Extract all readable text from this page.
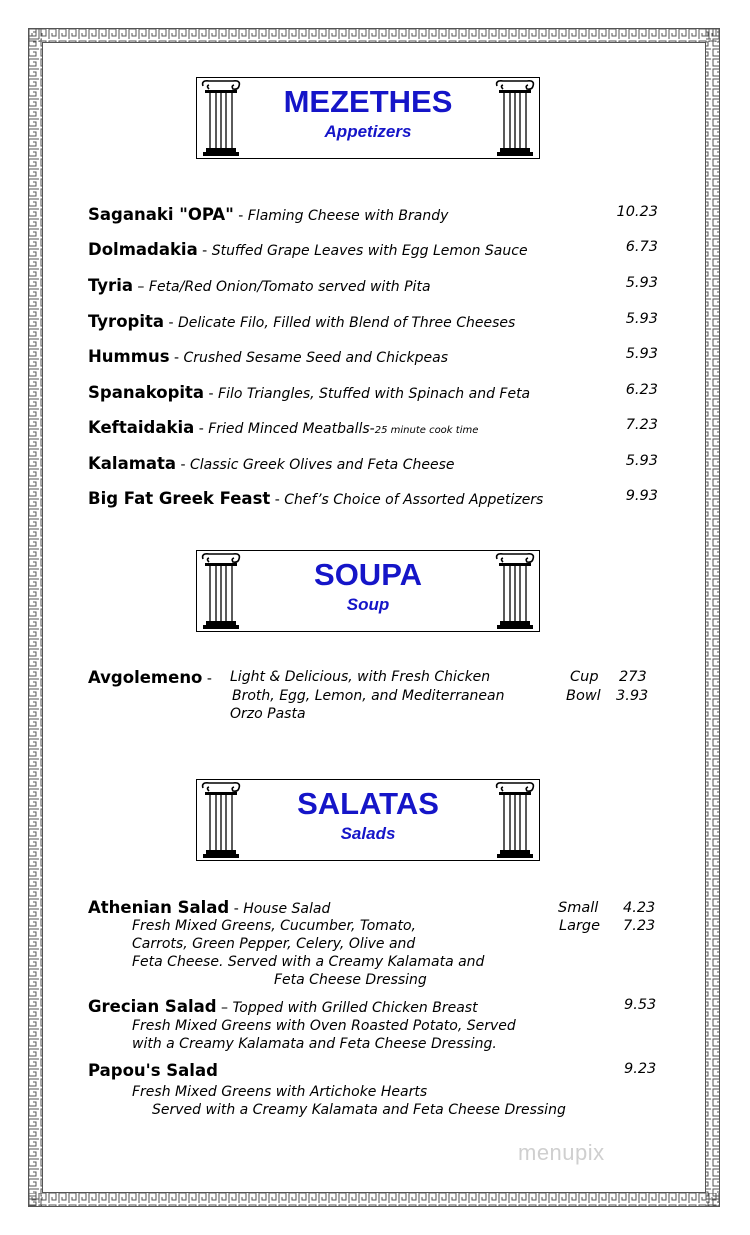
MEZETHES
Appetizers
Saganaki "OPA" - Flaming Cheese with Brandy	10.23
Dolmadakia - Stuffed Grape Leaves with Egg Lemon Sauce	6.73
Tyria – Feta/Red Onion/Tomato served with Pita	5.93
Tyropita - Delicate Filo, Filled with Blend of Three Cheeses	5.93
Hummus - Crushed Sesame Seed and Chickpeas	5.93
Spanakopita - Filo Triangles, Stuffed with Spinach and Feta	6.23
Keftaidakia - Fried Minced Meatballs-25 minute cook time	7.23
Kalamata - Classic Greek Olives and Feta Cheese	5.93
Big Fat Greek Feast - Chef’s Choice of Assorted Appetizers	9.93
SOUPA
Soup
Avgolemeno -	Light & Delicious, with Fresh Chicken
Broth, Egg, Lemon, and Mediterranean
Orzo Pasta
Cup 273
Bowl 3.93
SALATAS
Salads
Athenian Salad - House Salad
Fresh Mixed Greens, Cucumber, Tomato,
Carrots, Green Pepper, Celery, Olive and
Feta Cheese. Served with a Creamy Kalamata and
Feta Cheese Dressing
Small 4.23
Large 7.23
Grecian Salad – Topped with Grilled Chicken Breast
Fresh Mixed Greens with Oven Roasted Potato, Served
with a Creamy Kalamata and Feta Cheese Dressing.
9.53
Papou's Salad
Fresh Mixed Greens with Artichoke Hearts
Served with a Creamy Kalamata and Feta Cheese Dressing
9.23
menupix
